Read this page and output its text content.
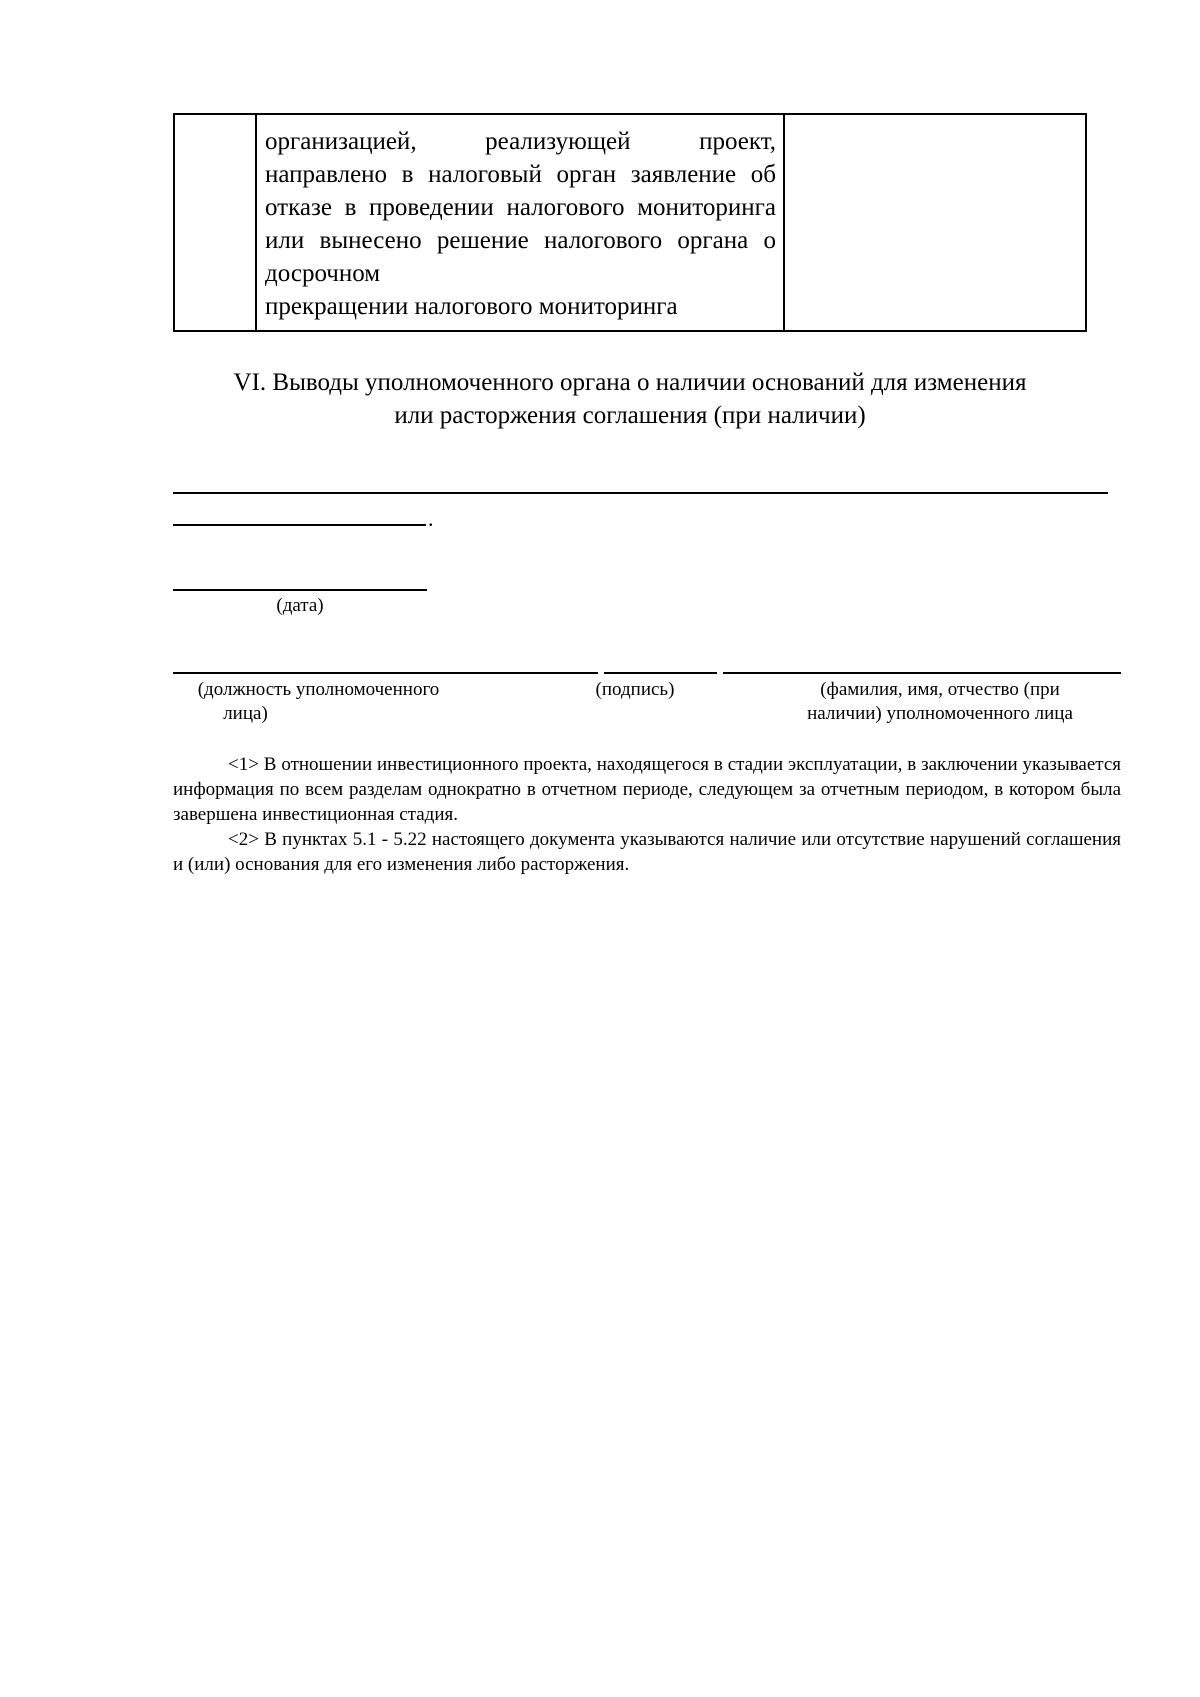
организацией, реализующей проект, направлено в налоговый орган заявление об отказе в проведении налогового мониторинга или вынесено решение налогового органа о досрочном
прекращении налогового мониторинга
VI. Выводы уполномоченного органа о наличии оснований для изменения
или расторжения соглашения (при наличии)
.
(дата)
(должность уполномоченного
лица)
(подпись)	(фамилия, имя, отчество (при
наличии) уполномоченного лица

<1> В отношении инвестиционного проекта, находящегося в стадии эксплуатации, в заключении указывается информация по всем разделам однократно в отчетном периоде, следующем за отчетным периодом, в котором была завершена инвестиционная стадия.

<2> В пунктах 5.1 - 5.22 настоящего документа указываются наличие или отсутствие нарушений соглашения и (или) основания для его изменения либо расторжения.
